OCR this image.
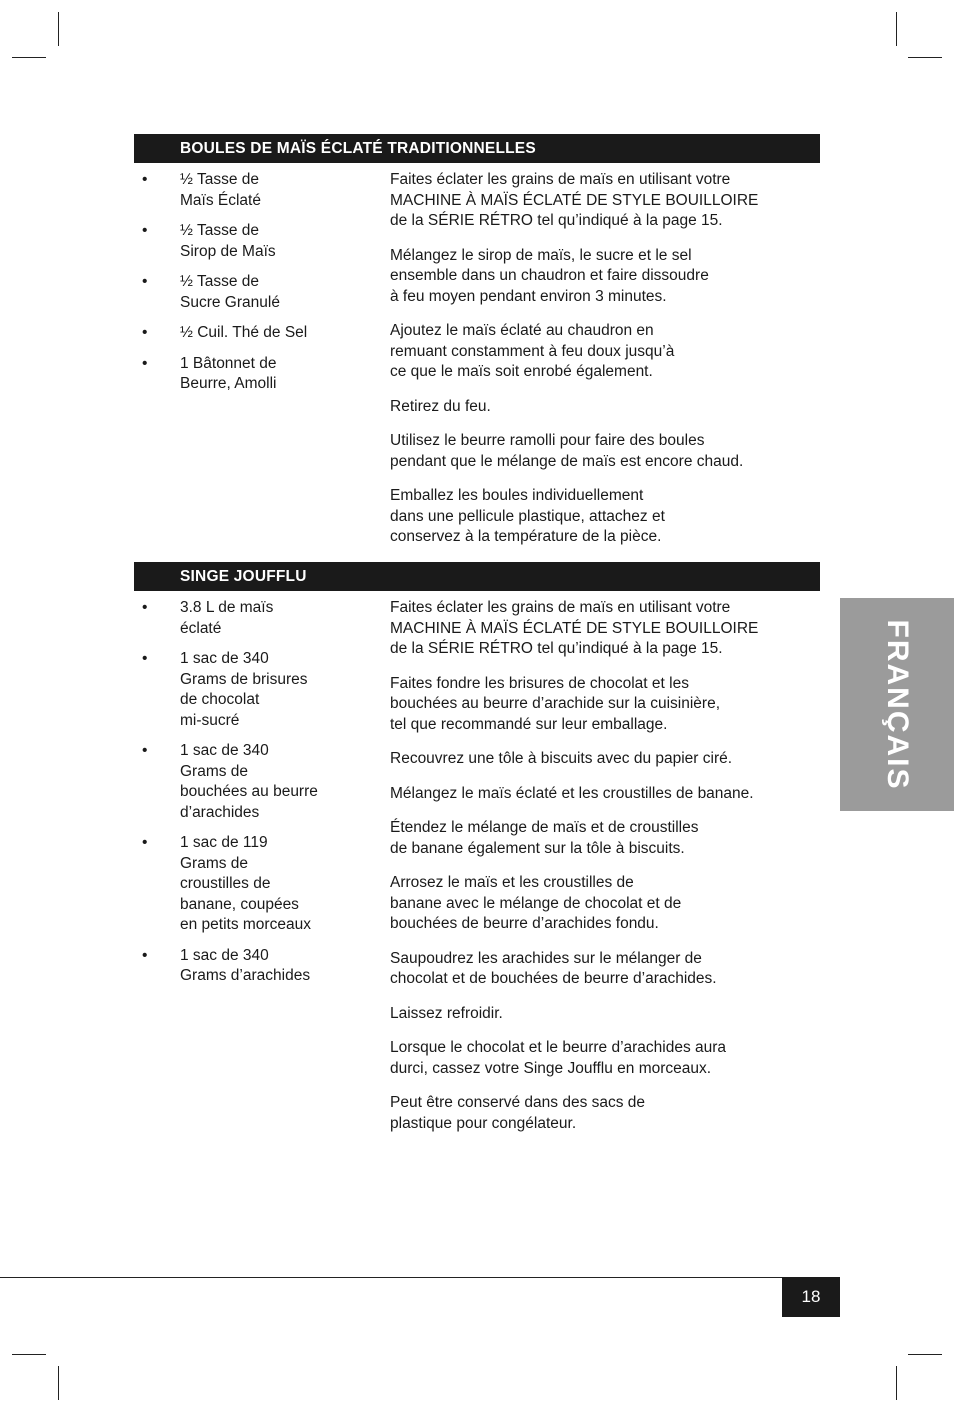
BOULES DE MAÏS ÉCLATÉ TRADITIONNELLES
• ½ Tasse de
Maïs Éclaté
• ½ Tasse de
Sirop de Maïs
• ½ Tasse de
Sucre Granulé
• ½ Cuil. Thé de Sel
• 1 Bâtonnet de
Beurre, Amolli

Faites éclater les grains de maïs en utilisant votre
MACHINE À MAÏS ÉCLATÉ DE STYLE BOUILLOIRE
de la SÉRIE RÉTRO tel qu’indiqué à la page 15.

Mélangez le sirop de maïs, le sucre et le sel
ensemble dans un chaudron et faire dissoudre
à feu moyen pendant environ 3 minutes.

Ajoutez le maïs éclaté au chaudron en
remuant constamment à feu doux jusqu’à
ce que le maïs soit enrobé également.

Retirez du feu.

Utilisez le beurre ramolli pour faire des boules
pendant que le mélange de maïs est encore chaud.

Emballez les boules individuellement
dans une pellicule plastique, attachez et
conservez à la température de la pièce.

SINGE JOUFFLU
• 3.8 L de maïs
éclaté
• 1 sac de 340
Grams de brisures
de chocolat
mi-sucré
• 1 sac de 340
Grams de
bouchées au beurre
d’arachides
• 1 sac de 119
Grams de
croustilles de
banane, coupées
en petits morceaux
• 1 sac de 340
Grams d’arachides

Faites éclater les grains de maïs en utilisant votre
MACHINE À MAÏS ÉCLATÉ DE STYLE BOUILLOIRE
de la SÉRIE RÉTRO tel qu’indiqué à la page 15.

Faites fondre les brisures de chocolat et les
bouchées au beurre d’arachide sur la cuisinière,
tel que recommandé sur leur emballage.

Recouvrez une tôle à biscuits avec du papier ciré.

Mélangez le maïs éclaté et les croustilles de banane.

Étendez le mélange de maïs et de croustilles
de banane également sur la tôle à biscuits.

Arrosez le maïs et les croustilles de
banane avec le mélange de chocolat et de
bouchées de beurre d’arachides fondu.

Saupoudrez les arachides sur le mélanger de
chocolat et de bouchées de beurre d’arachides.

Laissez refroidir.

Lorsque le chocolat et le beurre d’arachides aura
durci, cassez votre Singe Joufflu en morceaux.

Peut être conservé dans des sacs de
plastique pour congélateur.

FRANÇAIS
18
